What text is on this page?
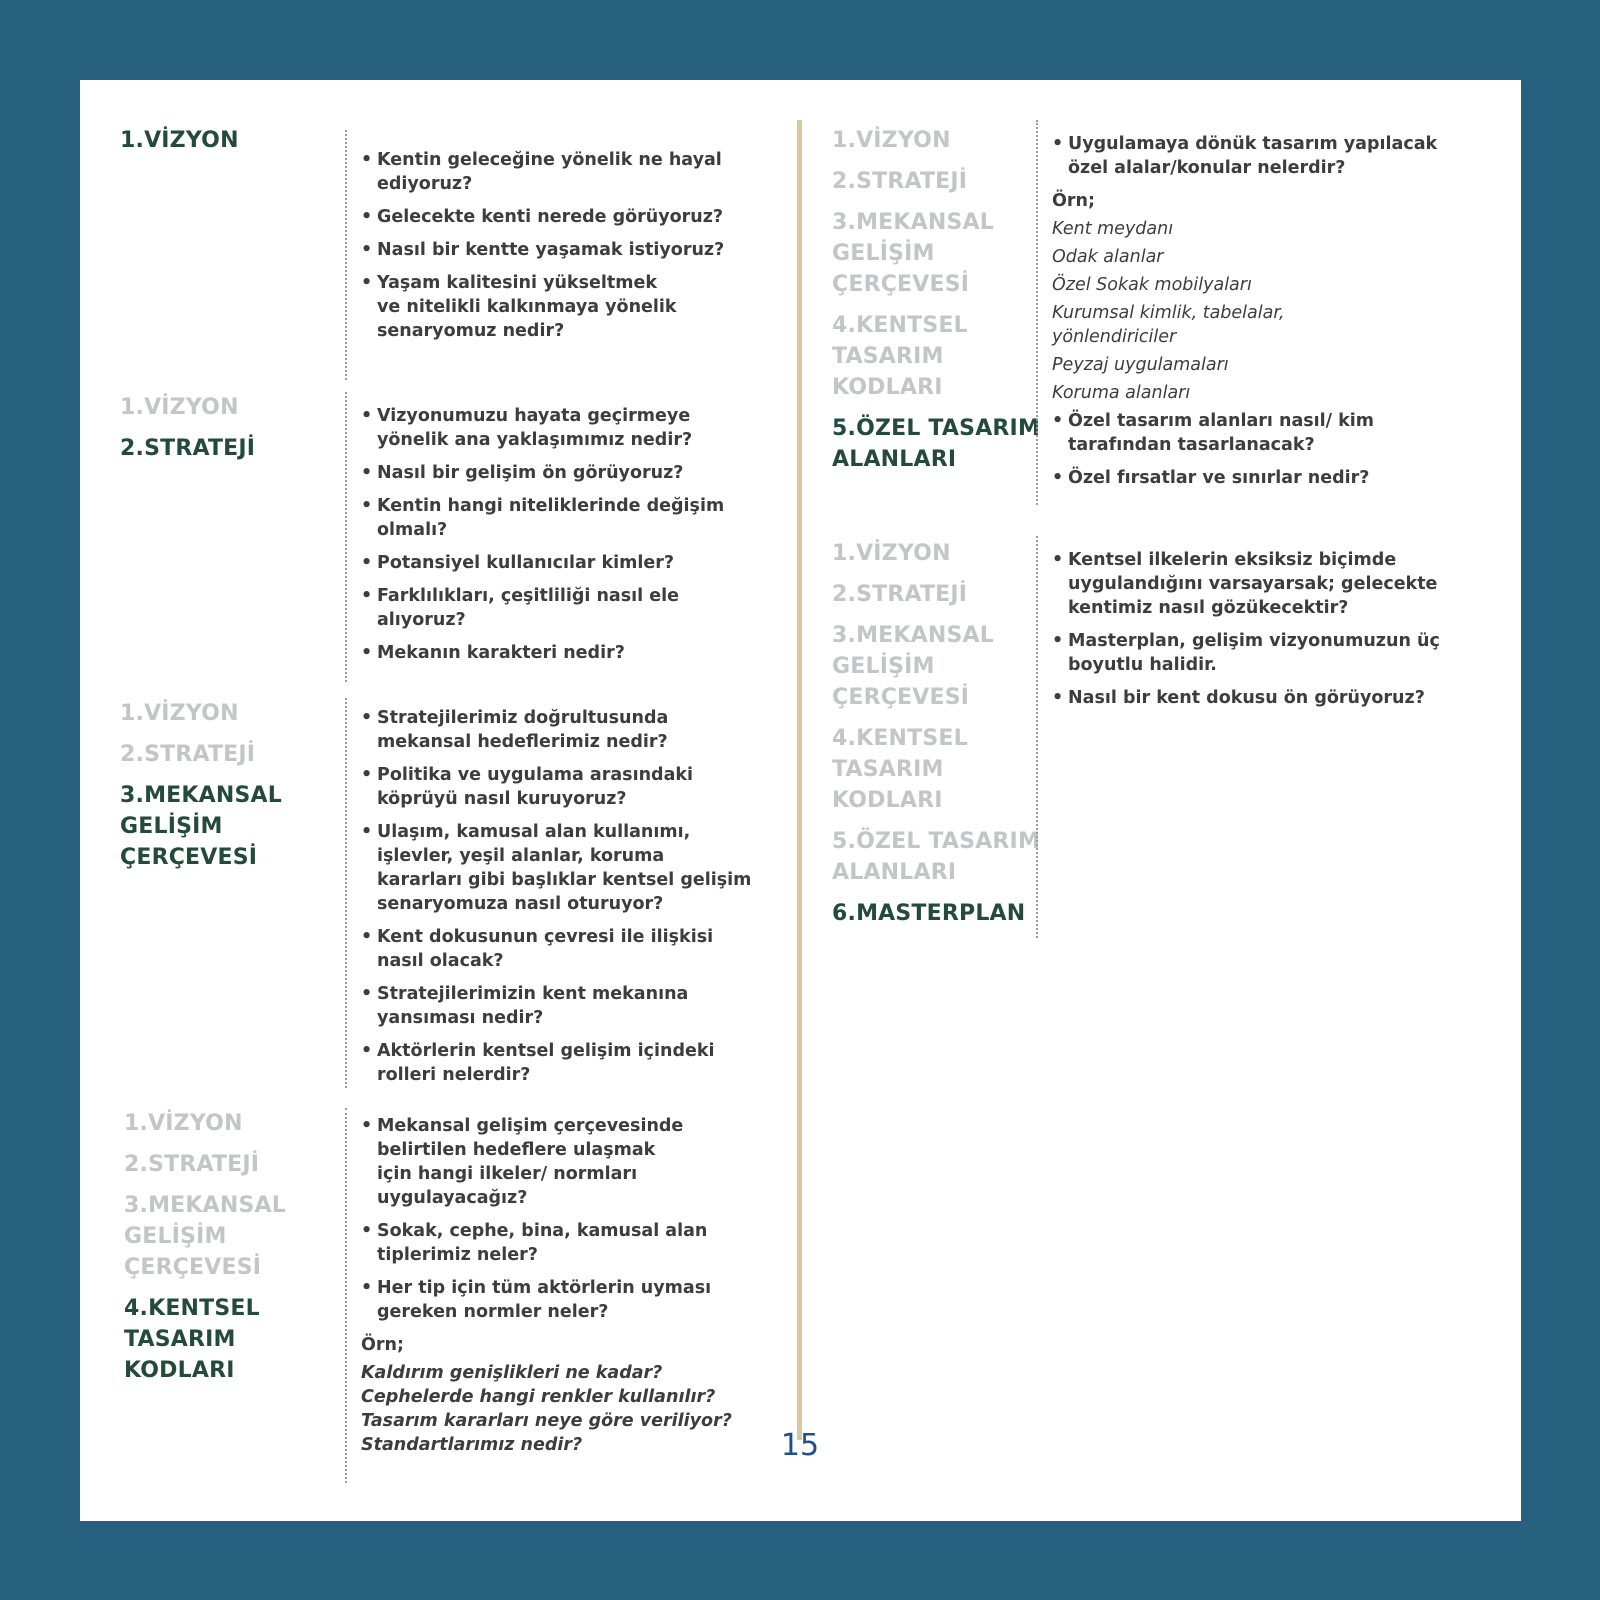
1.VİZYON
• Kentin geleceğine yönelik ne hayal
ediyoruz?
• Gelecekte kenti nerede görüyoruz?
• Nasıl bir kentte yaşamak istiyoruz?
• Yaşam kalitesini yükseltmek
ve nitelikli kalkınmaya yönelik
senaryomuz nedir?
1.VİZYON
2.STRATEJİ
• Vizyonumuzu hayata geçirmeye
yönelik ana yaklaşımımız nedir?
• Nasıl bir gelişim ön görüyoruz?
• Kentin hangi niteliklerinde değişim
olmalı?
• Potansiyel kullanıcılar kimler?
• Farklılıkları, çeşitliliği nasıl ele
alıyoruz?
• Mekanın karakteri nedir?
1.VİZYON
2.STRATEJİ
3.MEKANSAL
GELİŞİM
ÇERÇEVESİ
• Stratejilerimiz doğrultusunda
mekansal hedeflerimiz nedir?
• Politika ve uygulama arasındaki
köprüyü nasıl kuruyoruz?
• Ulaşım, kamusal alan kullanımı,
işlevler, yeşil alanlar, koruma
kararları gibi başlıklar kentsel gelişim
senaryomuza nasıl oturuyor?
• Kent dokusunun çevresi ile ilişkisi
nasıl olacak?
• Stratejilerimizin kent mekanına
yansıması nedir?
• Aktörlerin kentsel gelişim içindeki
rolleri nelerdir?
1.VİZYON
2.STRATEJİ
3.MEKANSAL
GELİŞİM
ÇERÇEVESİ
4.KENTSEL
TASARIM
KODLARI
• Mekansal gelişim çerçevesinde
belirtilen hedeflere ulaşmak
için hangi ilkeler/ normları
uygulayacağız?
• Sokak, cephe, bina, kamusal alan
tiplerimiz neler?
• Her tip için tüm aktörlerin uyması
gereken normler neler?
Örn;
Kaldırım genişlikleri ne kadar?
Cephelerde hangi renkler kullanılır?
Tasarım kararları neye göre veriliyor?
Standartlarımız nedir?
1.VİZYON
2.STRATEJİ
3.MEKANSAL
GELİŞİM
ÇERÇEVESİ
4.KENTSEL
TASARIM
KODLARI
5.ÖZEL TASARIM
ALANLARI
• Uygulamaya dönük tasarım yapılacak
özel alalar/konular nelerdir?
Örn;
Kent meydanı
Odak alanlar
Özel Sokak mobilyaları
Kurumsal kimlik, tabelalar,
yönlendiriciler
Peyzaj uygulamaları
Koruma alanları
• Özel tasarım alanları nasıl/ kim
tarafından tasarlanacak?
• Özel fırsatlar ve sınırlar nedir?
1.VİZYON
2.STRATEJİ
3.MEKANSAL
GELİŞİM
ÇERÇEVESİ
4.KENTSEL
TASARIM
KODLARI
5.ÖZEL TASARIM
ALANLARI
6.MASTERPLAN
• Kentsel ilkelerin eksiksiz biçimde
uygulandığını varsayarsak; gelecekte
kentimiz nasıl gözükecektir?
• Masterplan, gelişim vizyonumuzun üç
boyutlu halidir.
• Nasıl bir kent dokusu ön görüyoruz?
15
